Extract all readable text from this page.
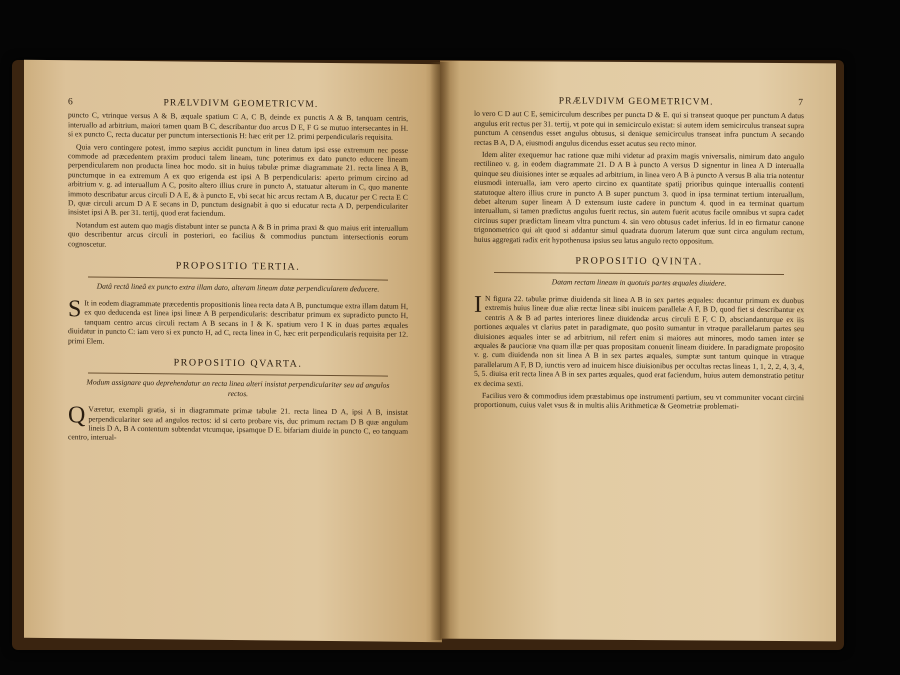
6	PRÆLVDIVM GEOMETRICVM.

puncto C, vtrinque versus A & B, æquale spatium C A, C B, deinde ex punctis A & B, tanquam centris, interuallo ad arbitrium, maiori tamen quam B C, describantur duo arcus D E, F G se mutuo intersecantes in H. si ex puncto C, recta ducatur per punctum intersectionis H: hæc erit per 12. primi perpendicularis requisita.

Quia vero contingere potest, immo sæpius accidit punctum in linea datum ipsi esse extremum nec posse commode ad præcedentem praxim produci talem lineam, tunc poterimus ex dato puncto educere lineam perpendicularem non producta linea hoc modo. sit in huius tabulæ primæ diagrammate 21. recta linea A B, punctumque in ea extremum A ex quo erigenda est ipsi A B perpendicularis: aperto primum circino ad arbitrium v. g. ad interuallum A C, posito altero illius crure in puncto A, statuatur alterum in C, quo manente immoto describatur arcus circuli D A E, & à puncto E, vbi secat hic arcus rectam A B, ducatur per C recta E C D, quæ circuli arcum D A E secans in D, punctum designabit à quo si educatur recta A D, perpendiculariter insistet ipsi A B. per 31. tertij, quod erat faciendum.

Notandum est autem quo magis distabunt inter se puncta A & B in prima praxi & quo maius erit interuallum quo describentur arcus circuli in posteriori, eo facilius & commodius punctum intersectionis eorum cognoscetur.

PROPOSITIO TERTIA.
Datâ rectâ lineâ ex puncto extra illam dato, alteram lineam datæ perpendicularem deducere.

S It in eodem diagrammate præcedentis propositionis linea recta data A B, punctumque extra illam datum H, ex quo deducenda est linea ipsi lineæ A B perpendicularis: describatur primum ex supradicto puncto H, tanquam centro arcus circuli rectam A B secans in I & K. spatium vero I K in duas partes æquales diuidatur in puncto C: iam vero si ex puncto H, ad C, recta linea in C, hæc erit perpendicularis requisita per 12. primi Elem.

PROPOSITIO QVARTA.
Modum assignare quo deprehendatur an recta linea alteri insistat perpendiculariter seu ad angulos rectos.

Q Væretur, exempli gratia, si in diagrammate primæ tabulæ 21. recta linea D A, ipsi A B, insistat perpendiculariter seu ad angulos rectos: id si certo probare vis, duc primum rectam D B quæ angulum lineis D A, B A contentum subtendat vtcumque, ipsamque D E. bifariam diuide in puncto C, eo tanquam centro, interual-

PRÆLVDIVM GEOMETRICVM.	7

lo vero C D aut C E, semicirculum describes per puncta D & E. qui si transeat quoque per punctum A datus angulus erit rectus per 31. tertij, vt pote qui in semicirculo existat: si autem idem semicirculus transeat supra punctum A censendus esset angulus obtusus, si denique semicirculus transeat infra punctum A secando rectas B A, D A, eiusmodi angulus dicendus esset acutus seu recto minor.

Idem aliter exequemur hac ratione quæ mihi videtur ad praxim magis vniversalis, nimirum dato angulo rectilineo v. g. in eodem diagrammate 21. D A B à puncto A versus D signentur in linea A D interualla quinque seu diuisiones inter se æquales ad arbitrium, in linea vero A B à puncto A versus B alia tria notentur eiusmodi interualla, iam vero aperto circino ex quantitate spatij prioribus quinque interuallis contenti statutoque altero illius crure in puncto A B super punctum 3. quod in ipsa terminat tertium interuallum, debet alterum super lineam A D extensum iuste cadere in punctum 4. quod in ea terminat quartum interuallum, si tamen prædictus angulus fuerit rectus, sin autem fuerit acutus facile omnibus vt supra cadet circinus super prædictam lineam vltra punctum 4. sin vero obtusus cadet inferius. Id in eo firmatur canone trigonometrico qui aït quod si addantur simul quadrata duorum laterum quæ sunt circa angulum rectum, huius aggregati radix erit hypothenusa ipsius seu latus angulo recto oppositum.

PROPOSITIO QVINTA.
Datam rectam lineam in quotuis partes æquales diuidere.

I N figura 22. tabulæ primæ diuidenda sit linea A B in sex partes æquales: ducantur primum ex duobus extremis huius lineæ duæ aliæ rectæ lineæ sibi inuicem parallelæ A F, B D, quod fiet si describantur ex centris A & B ad partes interiores lineæ diuidendæ arcus circuli E F, C D, absciandanturque ex iis portiones æquales vt clarius patet in paradigmate, quo posito sumantur in vtraque parallelarum partes seu diuisiones æquales inter se ad arbitrium, nil refert enim si maiores aut minores, modo tamen inter se æquales & paucioræ vna quam illæ per quas propositam conuenit lineam diuidere. In paradigmate proposito v. g. cum diuidenda non sit linea A B in sex partes æquales, sumptæ sunt tantum quinque in vtraque parallelarum A F, B D, iunctis vero ad inuicem hisce diuisionibus per occultas rectas lineas 1, 1, 2, 2, 4, 3, 4, 5, 5. diuisa erit recta linea A B in sex partes æquales, quod erat faciendum, huius autem demonstratio petitur ex decima sexti.

Facilius vero & commodius idem præstabimus ope instrumenti partium, seu vt communiter vocant circini proportionum, cuius valet vsus & in multis aliis Arithmeticæ & Geometriæ problemati-
